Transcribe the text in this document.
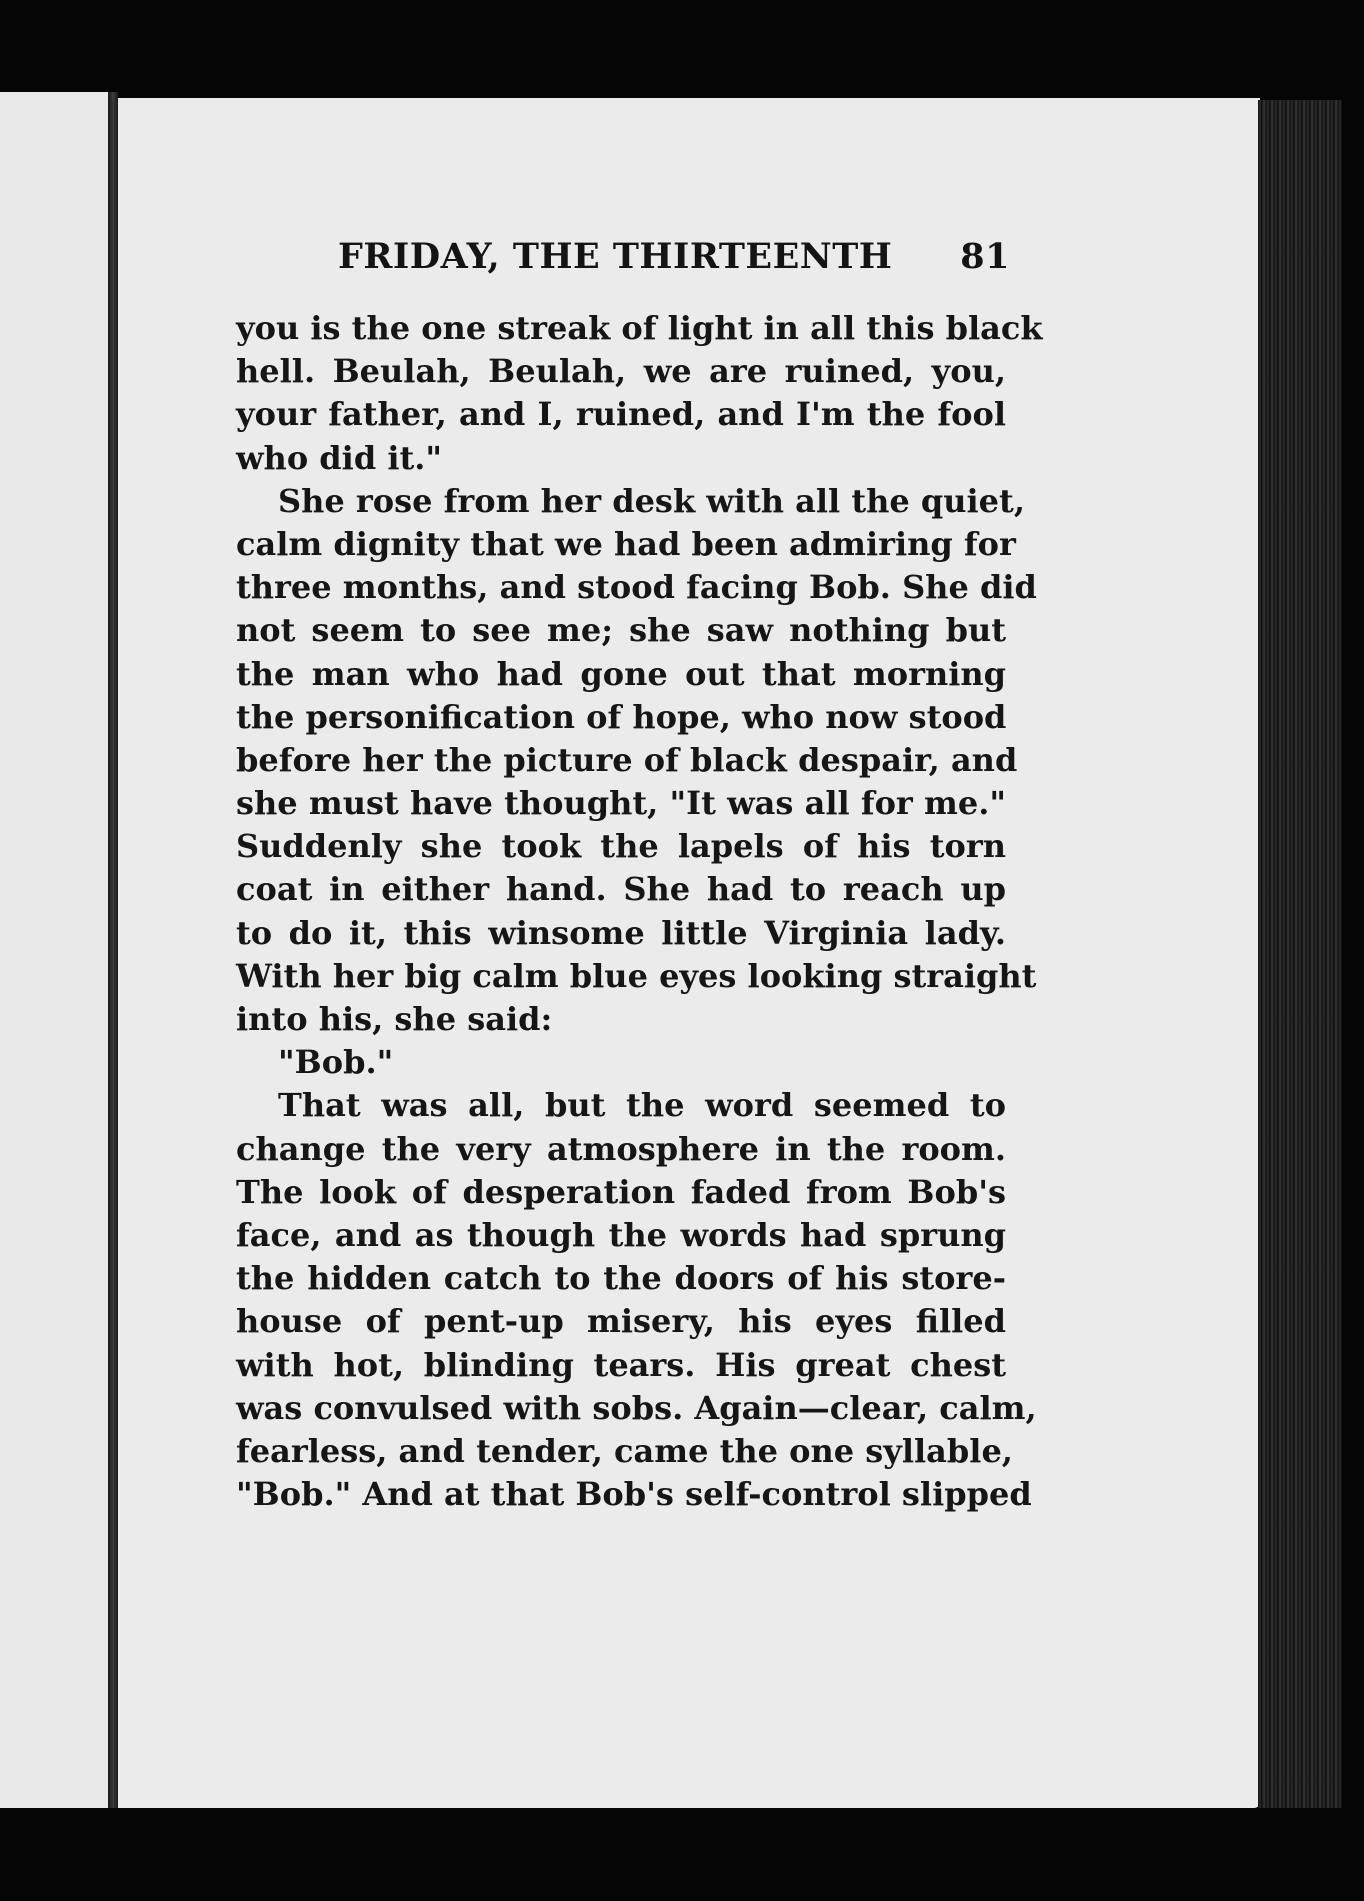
FRIDAY, THE THIRTEENTH 81
you is the one streak of light in all this black
hell. Beulah, Beulah, we are ruined, you,
your father, and I, ruined, and I'm the fool
who did it."
She rose from her desk with all the quiet,
calm dignity that we had been admiring for
three months, and stood facing Bob. She did
not seem to see me; she saw nothing but
the man who had gone out that morning
the personification of hope, who now stood
before her the picture of black despair, and
she must have thought, "It was all for me."
Suddenly she took the lapels of his torn
coat in either hand. She had to reach up
to do it, this winsome little Virginia lady.
With her big calm blue eyes looking straight
into his, she said:
"Bob."
That was all, but the word seemed to
change the very atmosphere in the room.
The look of desperation faded from Bob's
face, and as though the words had sprung
the hidden catch to the doors of his store-
house of pent-up misery, his eyes filled
with hot, blinding tears. His great chest
was convulsed with sobs. Again—clear, calm,
fearless, and tender, came the one syllable,
"Bob." And at that Bob's self-control slipped
